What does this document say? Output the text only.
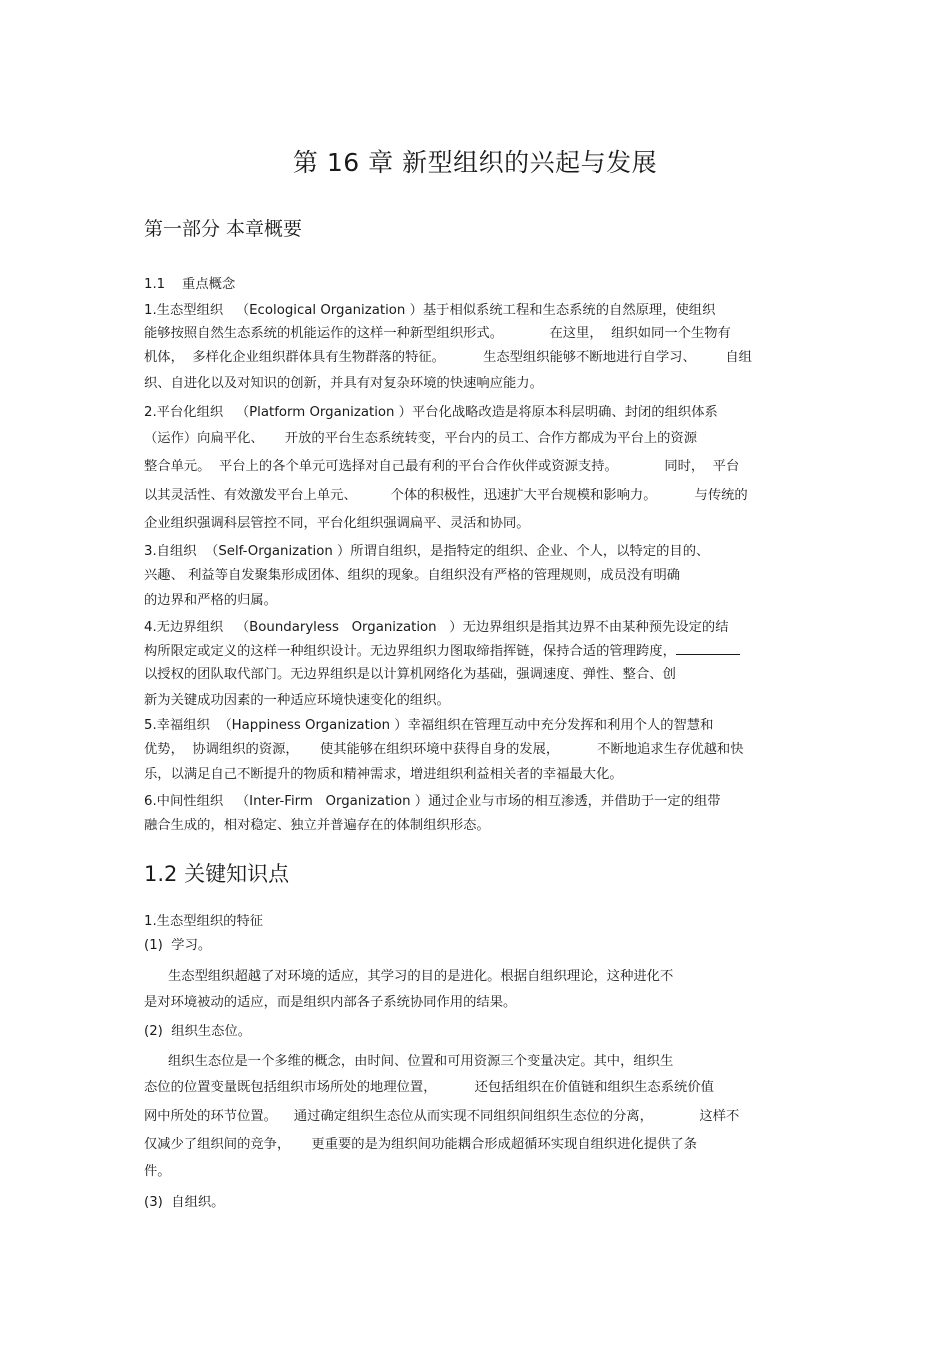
第 16 章 新型组织的兴起与发展
第一部分 本章概要
1.1    重点概念
1.生态型组织   （Ecological Organization ）基于相似系统工程和生态系统的自然原理，使组织
能够按照自然生态系统的机能运作的这样一种新型组织形式。           在这里，  组织如同一个生物有
机体，  多样化企业组织群体具有生物群落的特征。         生态型组织能够不断地进行自学习、       自组
织、自进化以及对知识的创新，并具有对复杂环境的快速响应能力。
2.平台化组织   （Platform Organization ）平台化战略改造是将原本科层明确、封闭的组织体系
（运作）向扁平化、     开放的平台生态系统转变，平台内的员工、合作方都成为平台上的资源
整合单元。  平台上的各个单元可选择对自己最有利的平台合作伙伴或资源支持。           同时，  平台
以其灵活性、有效激发平台上单元、        个体的积极性，迅速扩大平台规模和影响力。         与传统的
企业组织强调科层管控不同，平台化组织强调扁平、灵活和协同。
3.自组织  （Self-Organization ）所谓自组织，是指特定的组织、企业、个人，以特定的目的、
兴趣、 利益等自发聚集形成团体、组织的现象。自组织没有严格的管理规则，成员没有明确
的边界和严格的归属。
4.无边界组织   （Boundaryless   Organization   ）无边界组织是指其边界不由某种预先设定的结
构所限定或定义的这样一种组织设计。无边界组织力图取缔指挥链，保持合适的管理跨度，
以授权的团队取代部门。无边界组织是以计算机网络化为基础，强调速度、弹性、整合、创
新为关键成功因素的一种适应环境快速变化的组织。
5.幸福组织  （Happiness Organization ）幸福组织在管理互动中充分发挥和利用个人的智慧和
优势，  协调组织的资源，     使其能够在组织环境中获得自身的发展，         不断地追求生存优越和快
乐，以满足自己不断提升的物质和精神需求，增进组织利益相关者的幸福最大化。
6.中间性组织   （Inter-Firm   Organization ）通过企业与市场的相互渗透，并借助于一定的组带
融合生成的，相对稳定、独立并普遍存在的体制组织形态。
1.2 关键知识点
1.生态型组织的特征
(1)  学习。
生态型组织超越了对环境的适应，其学习的目的是进化。根据自组织理论，这种进化不
是对环境被动的适应，而是组织内部各子系统协同作用的结果。
(2)  组织生态位。
组织生态位是一个多维的概念，由时间、位置和可用资源三个变量决定。其中，组织生
态位的位置变量既包括组织市场所处的地理位置，         还包括组织在价值链和组织生态系统价值
网中所处的环节位置。    通过确定组织生态位从而实现不同组织间组织生态位的分离，           这样不
仅减少了组织间的竞争，     更重要的是为组织间功能耦合形成超循环实现自组织进化提供了条
件。
(3)  自组织。
